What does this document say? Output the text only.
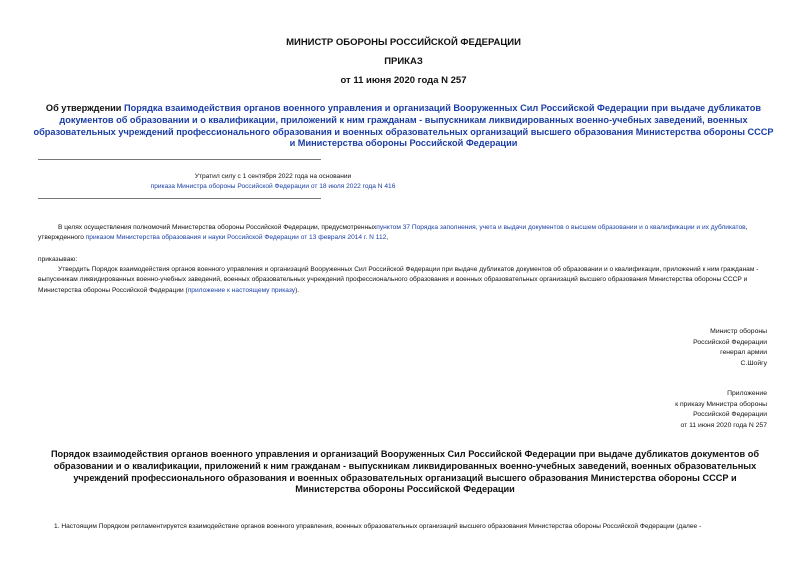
МИНИСТР ОБОРОНЫ РОССИЙСКОЙ ФЕДЕРАЦИИ
ПРИКАЗ
от 11 июня 2020 года N 257
Об утверждении Порядка взаимодействия органов военного управления и организаций Вооруженных Сил Российской Федерации при выдаче дубликатов документов об образовании и о квалификации, приложений к ним гражданам - выпускникам ликвидированных военно-учебных заведений, военных образовательных учреждений профессионального образования и военных образовательных организаций высшего образования Министерства обороны СССР и Министерства обороны Российской Федерации
Утратил силу с 1 сентября 2022 года на основании
приказа Министра обороны Российской Федерации от 18 июля 2022 года N 416
В целях осуществления полномочий Министерства обороны Российской Федерации, предусмотренныхпунктом 37 Порядка заполнения, учета и выдачи документов о высшем образовании и о квалификации и их дубликатов, утвержденного приказом Министерства образования и науки Российской Федерации от 13 февраля 2014 г. N 112,
приказываю:
Утвердить Порядок взаимодействия органов военного управления и организаций Вооруженных Сил Российской Федерации при выдаче дубликатов документов об образовании и о квалификации, приложений к ним гражданам - выпускникам ликвидированных военно-учебных заведений, военных образовательных учреждений профессионального образования и военных образовательных организаций высшего образования Министерства обороны СССР и Министерства обороны Российской Федерации (приложение к настоящему приказу).
Министр обороны
Российской Федерации
генерал армии
С.Шойгу
Приложение
к приказу Министра обороны
Российской Федерации
от 11 июня 2020 года N 257
Порядок взаимодействия органов военного управления и организаций Вооруженных Сил Российской Федерации при выдаче дубликатов документов об образовании и о квалификации, приложений к ним гражданам - выпускникам ликвидированных военно-учебных заведений, военных образовательных учреждений профессионального образования и военных образовательных организаций высшего образования Министерства обороны СССР и Министерства обороны Российской Федерации
1. Настоящим Порядком регламентируется взаимодействие органов военного управления, военных образовательных организаций высшего образования Министерства обороны Российской Федерации (далее -
